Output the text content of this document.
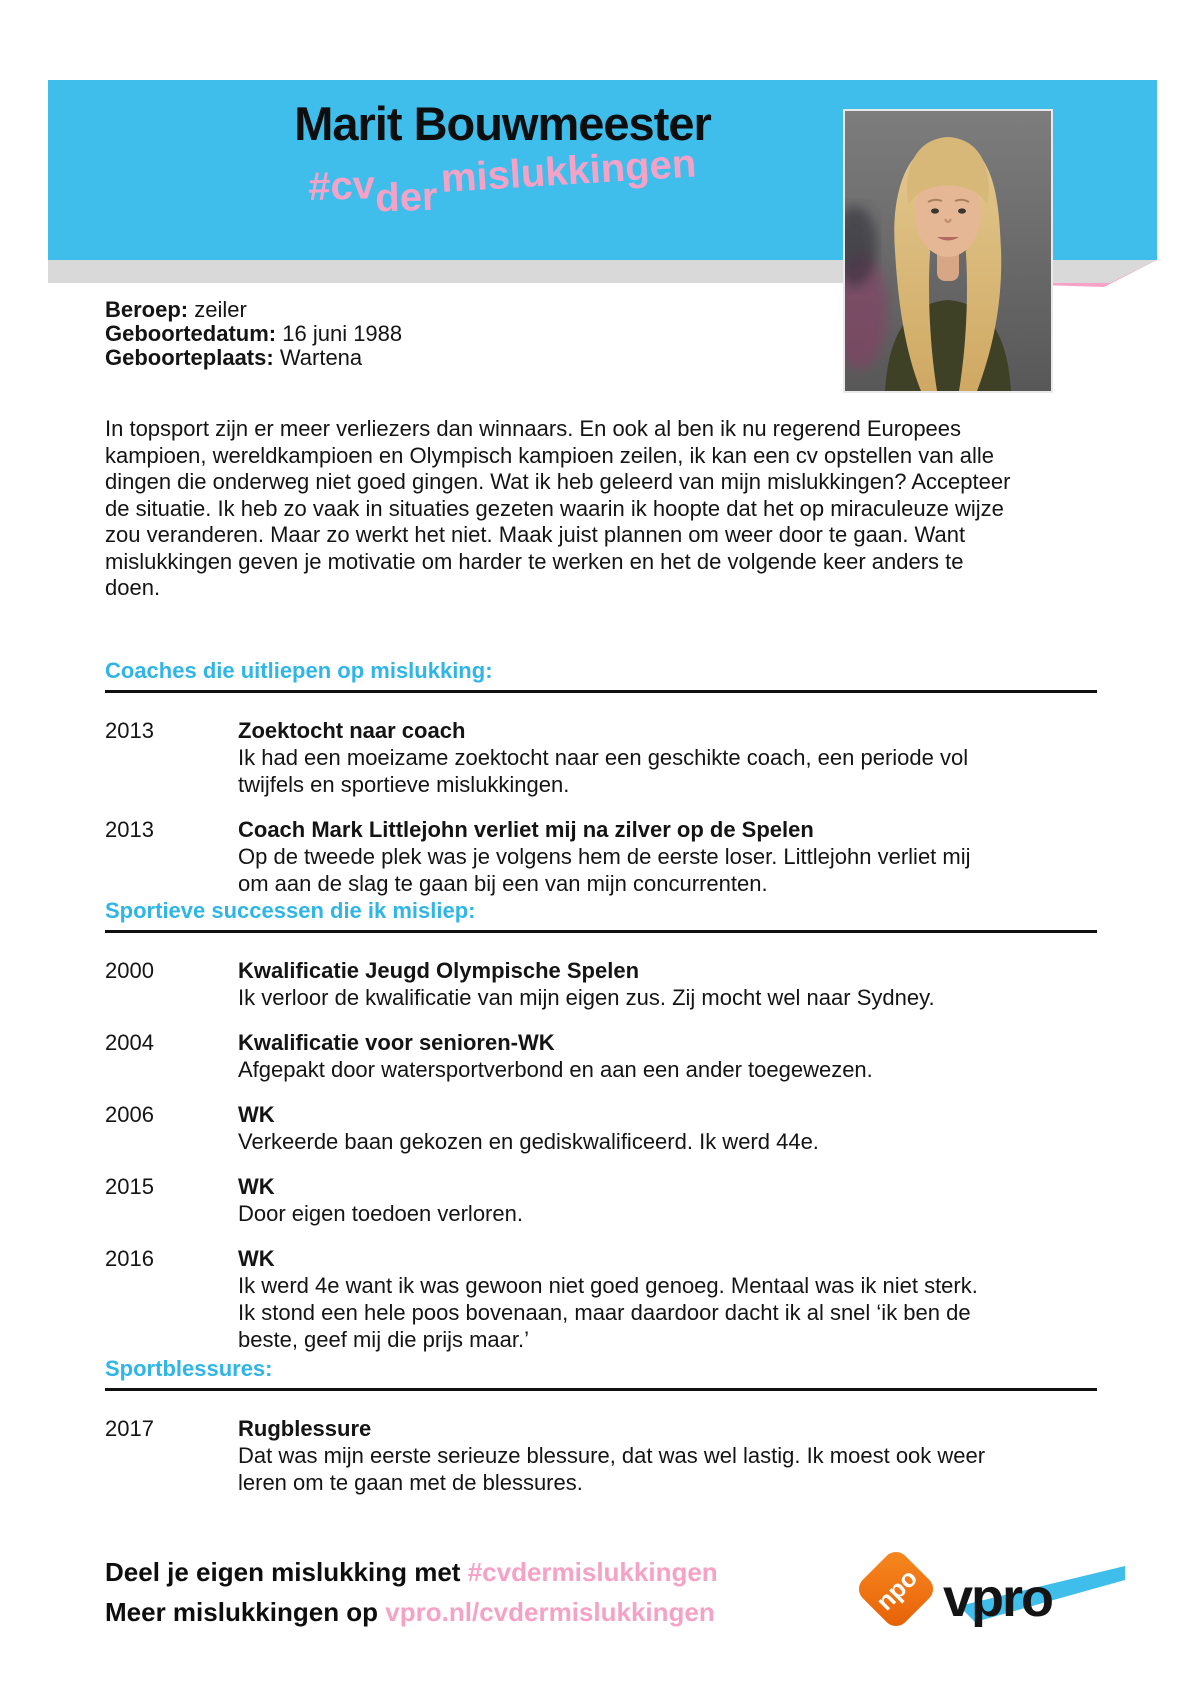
Marit Bouwmeester
#cvdermislukkingen
Beroep: zeiler
Geboortedatum: 16 juni 1988
Geboorteplaats: Wartena
In topsport zijn er meer verliezers dan winnaars. En ook al ben ik nu regerend Europees kampioen, wereldkampioen en Olympisch kampioen zeilen, ik kan een cv opstellen van alle dingen die onderweg niet goed gingen. Wat ik heb geleerd van mijn mislukkingen? Accepteer de situatie. Ik heb zo vaak in situaties gezeten waarin ik hoopte dat het op miraculeuze wijze zou veranderen. Maar zo werkt het niet. Maak juist plannen om weer door te gaan. Want mislukkingen geven je motivatie om harder te werken en het de volgende keer anders te doen.
Coaches die uitliepen op mislukking:
2013	Zoektocht naar coach
Ik had een moeizame zoektocht naar een geschikte coach, een periode vol twijfels en sportieve mislukkingen.
2013	Coach Mark Littlejohn verliet mij na zilver op de Spelen
Op de tweede plek was je volgens hem de eerste loser. Littlejohn verliet mij om aan de slag te gaan bij een van mijn concurrenten.
Sportieve successen die ik misliep:
2000	Kwalificatie Jeugd Olympische Spelen
Ik verloor de kwalificatie van mijn eigen zus. Zij mocht wel naar Sydney.
2004	Kwalificatie voor senioren-WK
Afgepakt door watersportverbond en aan een ander toegewezen.
2006	WK
Verkeerde baan gekozen en gediskwalificeerd. Ik werd 44e.
2015	WK
Door eigen toedoen verloren.
2016	WK
Ik werd 4e want ik was gewoon niet goed genoeg. Mentaal was ik niet sterk. Ik stond een hele poos bovenaan, maar daardoor dacht ik al snel ‘ik ben de beste, geef mij die prijs maar.’
Sportblessures:
2017	Rugblessure
Dat was mijn eerste serieuze blessure, dat was wel lastig. Ik moest ook weer leren om te gaan met de blessures.
Deel je eigen mislukking met #cvdermislukkingen
Meer mislukkingen op vpro.nl/cvdermislukkingen	npo vpro
